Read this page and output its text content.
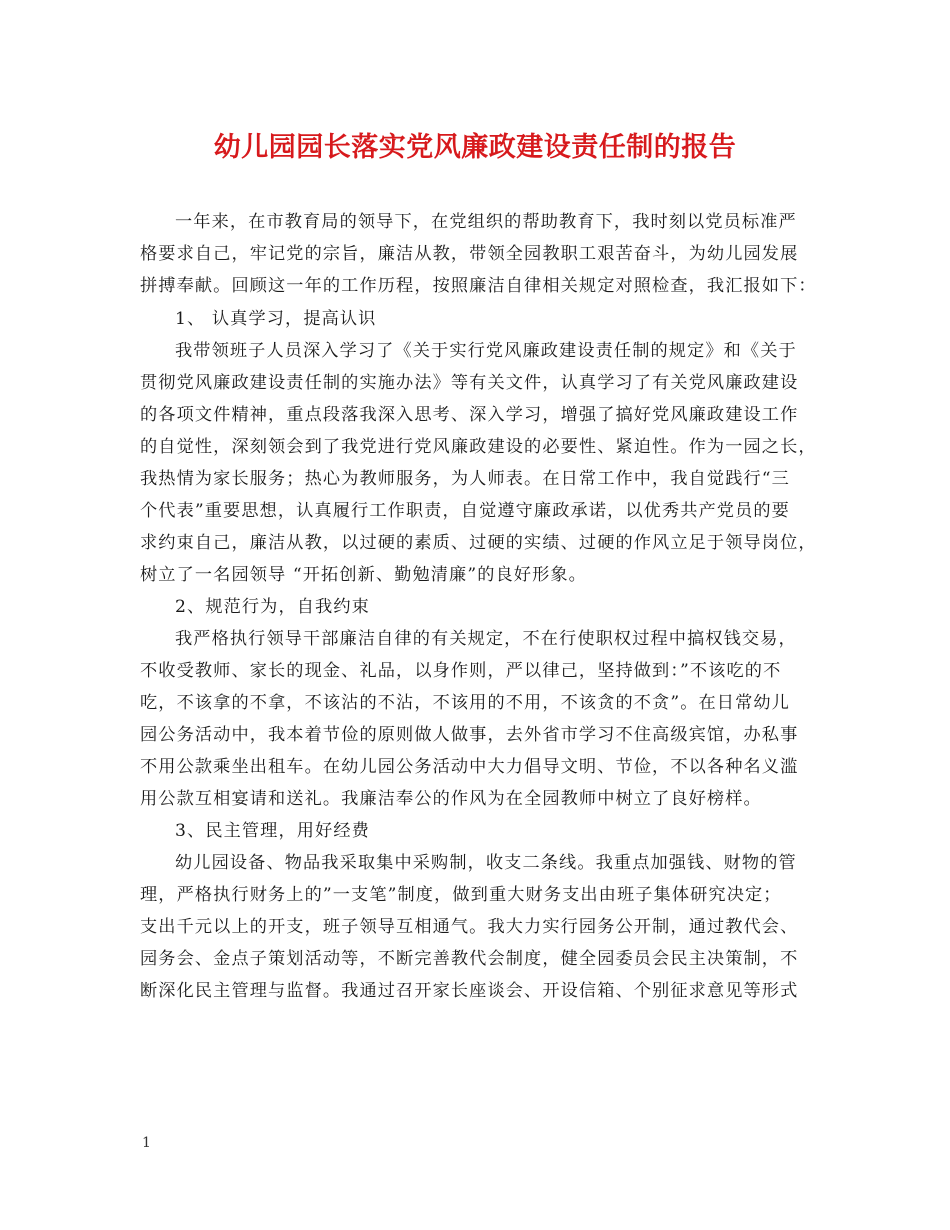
幼儿园园长落实党风廉政建设责任制的报告
一年来，在市教育局的领导下，在党组织的帮助教育下，我时刻以党员标准严
格要求自己，牢记党的宗旨，廉洁从教，带领全园教职工艰苦奋斗，为幼儿园发展
拼搏奉献。回顾这一年的工作历程，按照廉洁自律相关规定对照检查，我汇报如下：
1、 认真学习，提高认识
我带领班子人员深入学习了《关于实行党风廉政建设责任制的规定》和《关于
贯彻党风廉政建设责任制的实施办法》等有关文件，认真学习了有关党风廉政建设
的各项文件精神，重点段落我深入思考、深入学习，增强了搞好党风廉政建设工作
的自觉性，深刻领会到了我党进行党风廉政建设的必要性、紧迫性。作为一园之长，
我热情为家长服务；热心为教师服务，为人师表。在日常工作中，我自觉践行“三
个代表”重要思想，认真履行工作职责，自觉遵守廉政承诺，以优秀共产党员的要
求约束自己，廉洁从教，以过硬的素质、过硬的实绩、过硬的作风立足于领导岗位，
树立了一名园领导 “开拓创新、勤勉清廉”的良好形象。
2、规范行为，自我约束
我严格执行领导干部廉洁自律的有关规定，不在行使职权过程中搞权钱交易，
不收受教师、家长的现金、礼品，以身作则，严以律己，坚持做到：”不该吃的不
吃，不该拿的不拿，不该沾的不沾，不该用的不用，不该贪的不贪”。在日常幼儿
园公务活动中，我本着节俭的原则做人做事，去外省市学习不住高级宾馆，办私事
不用公款乘坐出租车。在幼儿园公务活动中大力倡导文明、节俭，不以各种名义滥
用公款互相宴请和送礼。我廉洁奉公的作风为在全园教师中树立了良好榜样。
3、民主管理，用好经费
幼儿园设备、物品我采取集中采购制，收支二条线。我重点加强钱、财物的管
理，严格执行财务上的”一支笔”制度，做到重大财务支出由班子集体研究决定；
支出千元以上的开支，班子领导互相通气。我大力实行园务公开制，通过教代会、
园务会、金点子策划活动等，不断完善教代会制度，健全园委员会民主决策制，不
断深化民主管理与监督。我通过召开家长座谈会、开设信箱、个别征求意见等形式
1
